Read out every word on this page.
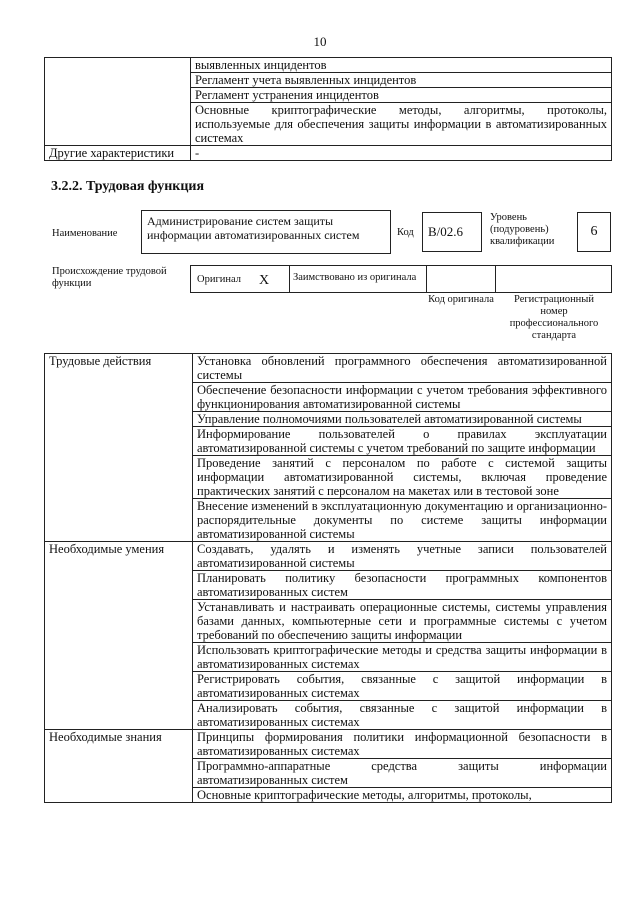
10
	выявленных инцидентов
	Регламент учета выявленных инцидентов
	Регламент устранения инцидентов
	Основные криптографические методы, алгоритмы, протоколы, используемые для обеспечения защиты информации в автоматизированных системах
Другие характеристики	-
3.2.2. Трудовая функция
Наименование
Администрирование систем защиты информации автоматизированных систем	Код	B/02.6
Уровень (подуровень) квалификации
6
Происхождение трудовой функции	Оригинал X	Заимствовано из оригинала
Код оригинала	Регистрационный номер профессионального стандарта
Трудовые действия	Установка обновлений программного обеспечения автоматизированной системы
	Обеспечение безопасности информации с учетом требования эффективного функционирования автоматизированной системы
	Управление полномочиями пользователей автоматизированной системы
	Информирование пользователей о правилах эксплуатации автоматизированной системы с учетом требований по защите информации
	Проведение занятий с персоналом по работе с системой защиты информации автоматизированной системы, включая проведение практических занятий с персоналом на макетах или в тестовой зоне
	Внесение изменений в эксплуатационную документацию и организационно-распорядительные документы по системе защиты информации автоматизированной системы
Необходимые умения	Создавать, удалять и изменять учетные записи пользователей автоматизированной системы
	Планировать политику безопасности программных компонентов автоматизированных систем
	Устанавливать и настраивать операционные системы, системы управления базами данных, компьютерные сети и программные системы с учетом требований по обеспечению защиты информации
	Использовать криптографические методы и средства защиты информации в автоматизированных системах
	Регистрировать события, связанные с защитой информации в автоматизированных системах
	Анализировать события, связанные с защитой информации в автоматизированных системах
Необходимые знания	Принципы формирования политики информационной безопасности в автоматизированных системах
	Программно-аппаратные средства защиты информации автоматизированных систем
	Основные криптографические методы, алгоритмы, протоколы,
